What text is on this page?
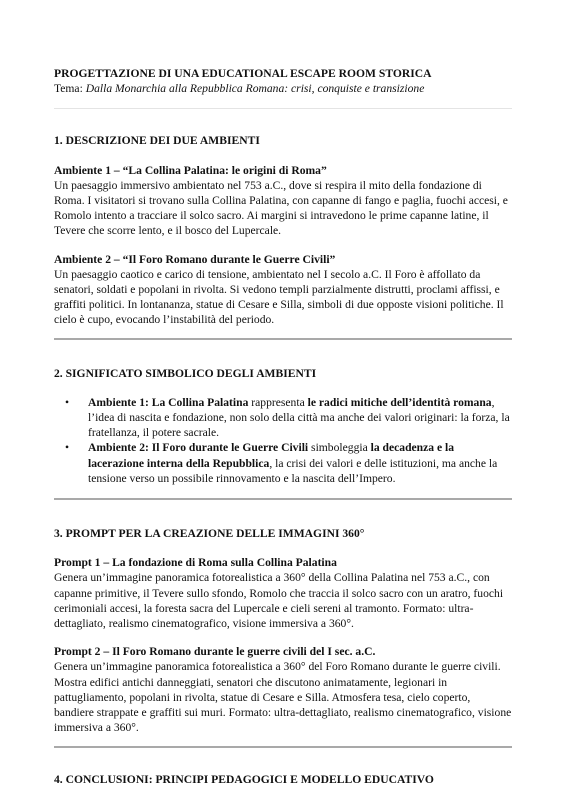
PROGETTAZIONE DI UNA EDUCATIONAL ESCAPE ROOM STORICA

Tema: Dalla Monarchia alla Repubblica Romana: crisi, conquiste e transizione

1. DESCRIZIONE DEI DUE AMBIENTI

Ambiente 1 – “La Collina Palatina: le origini di Roma”

Un paesaggio immersivo ambientato nel 753 a.C., dove si respira il mito della fondazione di Roma. I visitatori si trovano sulla Collina Palatina, con capanne di fango e paglia, fuochi accesi, e Romolo intento a tracciare il solco sacro. Ai margini si intravedono le prime capanne latine, il Tevere che scorre lento, e il bosco del Lupercale.

Ambiente 2 – “Il Foro Romano durante le Guerre Civili”

Un paesaggio caotico e carico di tensione, ambientato nel I secolo a.C. Il Foro è affollato da senatori, soldati e popolani in rivolta. Si vedono templi parzialmente distrutti, proclami affissi, e graffiti politici. In lontananza, statue di Cesare e Silla, simboli di due opposte visioni politiche. Il cielo è cupo, evocando l’instabilità del periodo.

2. SIGNIFICATO SIMBOLICO DEGLI AMBIENTI

• Ambiente 1: La Collina Palatina rappresenta le radici mitiche dell’identità romana, l’idea di nascita e fondazione, non solo della città ma anche dei valori originari: la forza, la fratellanza, il potere sacrale.
• Ambiente 2: Il Foro durante le Guerre Civili simboleggia la decadenza e la lacerazione interna della Repubblica, la crisi dei valori e delle istituzioni, ma anche la tensione verso un possibile rinnovamento e la nascita dell’Impero.

3. PROMPT PER LA CREAZIONE DELLE IMMAGINI 360°

Prompt 1 – La fondazione di Roma sulla Collina Palatina

Genera un’immagine panoramica fotorealistica a 360° della Collina Palatina nel 753 a.C., con capanne primitive, il Tevere sullo sfondo, Romolo che traccia il solco sacro con un aratro, fuochi cerimoniali accesi, la foresta sacra del Lupercale e cieli sereni al tramonto. Formato: ultra-dettagliato, realismo cinematografico, visione immersiva a 360°.

Prompt 2 – Il Foro Romano durante le guerre civili del I sec. a.C.

Genera un’immagine panoramica fotorealistica a 360° del Foro Romano durante le guerre civili. Mostra edifici antichi danneggiati, senatori che discutono animatamente, legionari in pattugliamento, popolani in rivolta, statue di Cesare e Silla. Atmosfera tesa, cielo coperto, bandiere strappate e graffiti sui muri. Formato: ultra-dettagliato, realismo cinematografico, visione immersiva a 360°.

4. CONCLUSIONI: PRINCIPI PEDAGOGICI E MODELLO EDUCATIVO
